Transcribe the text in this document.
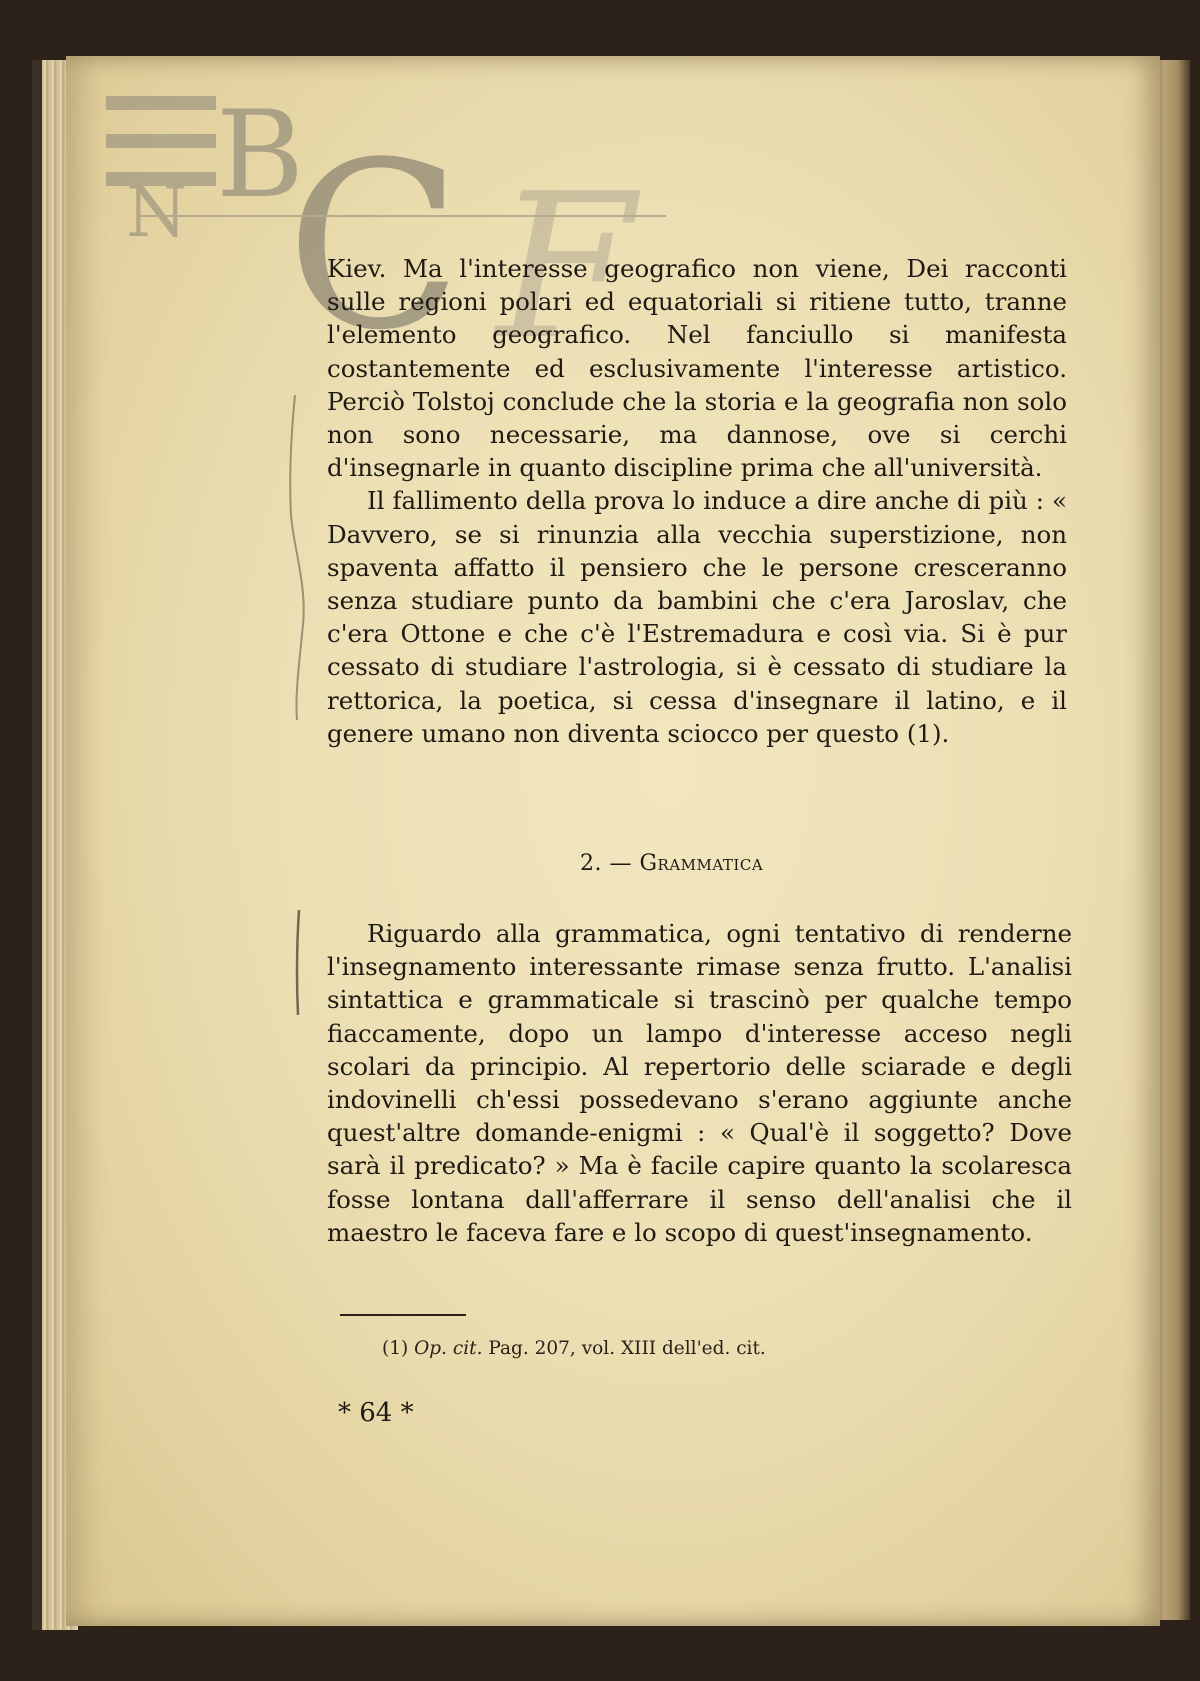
B
N C F

Kiev. Ma l'interesse geografico non viene, Dei racconti sulle regioni polari ed equatoriali si ritiene tutto, tranne l'elemento geografico. Nel fanciullo si manifesta costantemente ed esclusivamente l'interesse artistico. Perciò Tolstoj conclude che la storia e la geografia non solo non sono necessarie, ma dannose, ove si cerchi d'insegnarle in quanto discipline prima che all'università.

Il fallimento della prova lo induce a dire anche di più : « Davvero, se si rinunzia alla vecchia superstizione, non spaventa affatto il pensiero che le persone cresceranno senza studiare punto da bambini che c'era Jaroslav, che c'era Ottone e che c'è l'Estremadura e così via. Si è pur cessato di studiare l'astrologia, si è cessato di studiare la rettorica, la poetica, si cessa d'insegnare il latino, e il genere umano non diventa sciocco per questo (1).

2. — Grammatica

Riguardo alla grammatica, ogni tentativo di renderne l'insegnamento interessante rimase senza frutto. L'analisi sintattica e grammaticale si trascinò per qualche tempo fiaccamente, dopo un lampo d'interesse acceso negli scolari da principio. Al repertorio delle sciarade e degli indovinelli ch'essi possedevano s'erano aggiunte anche quest'altre domande-enigmi : « Qual'è il soggetto? Dove sarà il predicato? » Ma è facile capire quanto la scolaresca fosse lontana dall'afferrare il senso dell'analisi che il maestro le faceva fare e lo scopo di quest'insegnamento.

(1) Op. cit. Pag. 207, vol. XIII dell'ed. cit.
* 64 *
